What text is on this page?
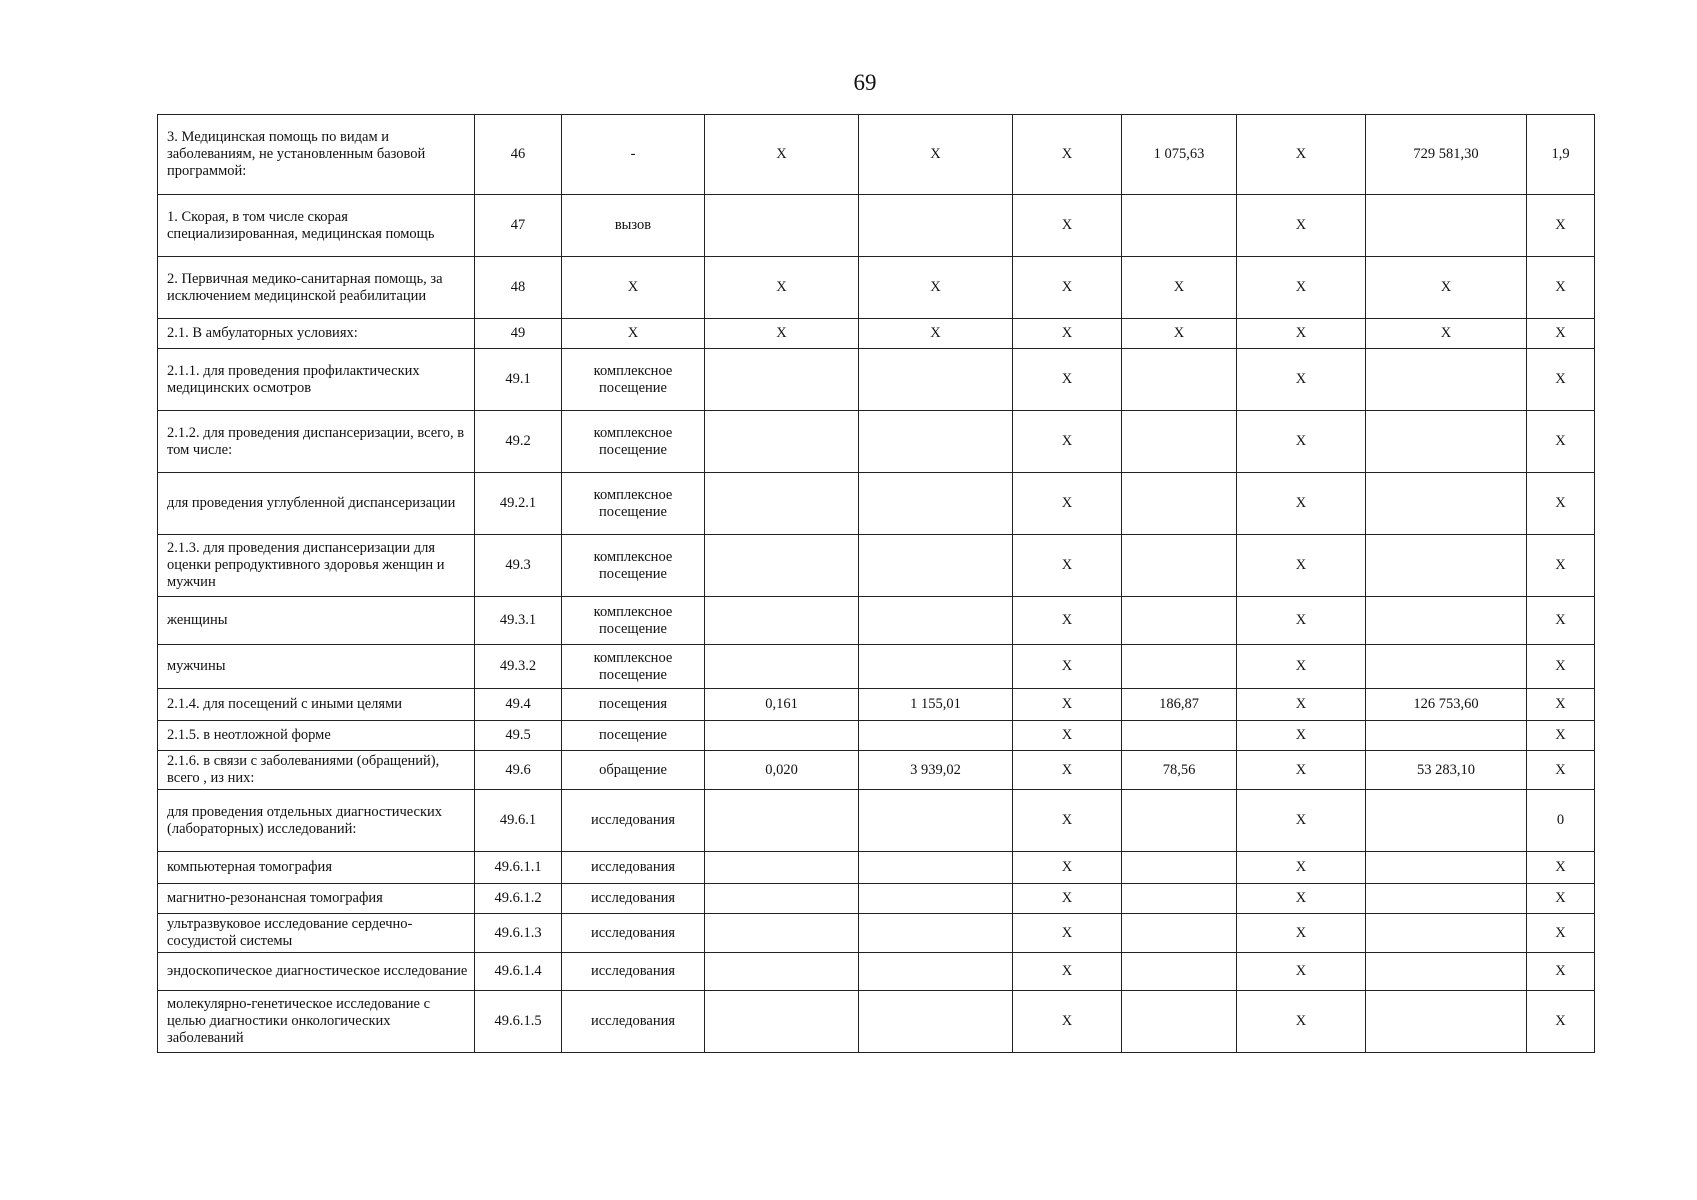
69
3. Медицинская помощь по видам и заболеваниям, не установленным базовой программой:	46	-	X	X	X	1 075,63	X	729 581,30	1,9
1. Скорая, в том числе скорая специализированная, медицинская помощь	47	вызов			X		X		X
2. Первичная медико-санитарная помощь, за исключением медицинской реабилитации	48	X	X	X	X	X	X	X	X
2.1. В амбулаторных условиях:	49	X	X	X	X	X	X	X	X
2.1.1. для проведения профилактических медицинских осмотров	49.1	комплексное посещение			X		X		X
2.1.2. для проведения диспансеризации, всего, в том числе:	49.2	комплексное посещение			X		X		X
для проведения углубленной диспансеризации	49.2.1	комплексное посещение			X		X		X
2.1.3. для проведения диспансеризации для оценки репродуктивного здоровья женщин и мужчин	49.3	комплексное посещение			X		X		X
женщины	49.3.1	комплексное посещение			X		X		X
мужчины	49.3.2	комплексное посещение			X		X		X
2.1.4. для посещений с иными целями	49.4	посещения	0,161	1 155,01	X	186,87	X	126 753,60	X
2.1.5. в неотложной форме	49.5	посещение			X		X		X
2.1.6. в связи с заболеваниями (обращений), всего , из них:	49.6	обращение	0,020	3 939,02	X	78,56	X	53 283,10	X
для проведения отдельных диагностических (лабораторных) исследований:	49.6.1	исследования			X		X		0
компьютерная томография	49.6.1.1	исследования			X		X		X
магнитно-резонансная томография	49.6.1.2	исследования			X		X		X
ультразвуковое исследование сердечно-сосудистой системы	49.6.1.3	исследования			X		X		X
эндоскопическое диагностическое исследование	49.6.1.4	исследования			X		X		X
молекулярно-генетическое исследование с целью диагностики онкологических заболеваний	49.6.1.5	исследования			X		X		X
